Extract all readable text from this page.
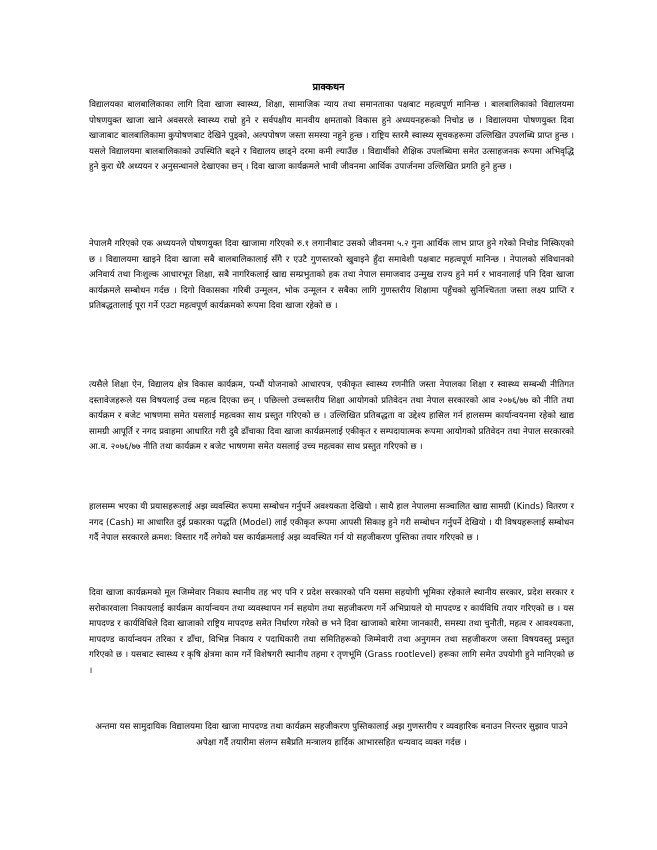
प्राक्कथन

विद्यालयका बालबालिकाका लागि दिवा खाजा स्वास्थ्य, शिक्षा, सामाजिक न्याय तथा समानताका पक्षबाट महत्वपूर्ण मानिन्छ । बालबालिकाको विद्यालयमा पोषणयुक्त खाजा खाने अवसरले स्वास्थ्य राम्रो हुने र सर्वपक्षीय मानवीय क्षमताको विकास हुने अध्ययनहरूको निचोड छ । विद्यालयमा पोषणयुक्त दिवा खाजाबाट बालबालिकामा कुपोषणबाट देखिने पुड्को, अल्पपोषण जस्ता समस्या नहुने हुन्छ । राष्ट्रिय स्तरमै स्वास्थ्य सूचकहरूमा उल्लिखित उपलब्धि प्राप्त हुन्छ । यसले विद्यालयमा बालबालिकाको उपस्थिति बढ्ने र विद्यालय छाड्ने दरमा कमी ल्याउँछ । विद्यार्थीको शैक्षिक उपलब्धिमा समेत उत्साहजनक रूपमा अभिवृद्धि हुने कुरा धेरै अध्ययन र अनुसन्धानले देखाएका छन् । दिवा खाजा कार्यक्रमले भावी जीवनमा आर्थिक उपार्जनमा उल्लिखित प्रगति हुने हुन्छ ।

नेपालमै गरिएको एक अध्ययनले पोषणयुक्त दिवा खाजामा गरिएको रु.१ लगानीबाट उसको जीवनमा ५.२ गुना आर्थिक लाभ प्राप्त हुने गरेको निचोड निस्किएको छ । विद्यालयमा खाइने दिवा खाजा सबै बालबालिकालाई सँगै र एउटै गुणस्तरको खुवाइने हुँदा समावेशी पक्षबाट महत्वपूर्ण मानिन्छ । नेपालको संविधानको अनिवार्य तथा निःशुल्क आधारभूत शिक्षा, सबै नागरिकलाई खाद्य सम्प्रभुताको हक तथा नेपाल समाजवाद उन्मुख राज्य हुने मर्म र भावनालाई पनि दिवा खाजा कार्यक्रमले सम्बोधन गर्दछ । दिगो विकासका गरिबी उन्मूलन, भोक उन्मूलन र सबैका लागि गुणस्तरीय शिक्षामा पहुँचको सुनिश्चितता जस्ता लक्ष्य प्राप्ति र प्रतिबद्धतालाई पूरा गर्ने एउटा महत्वपूर्ण कार्यक्रमको रूपमा दिवा खाजा रहेको छ ।

त्यसैले शिक्षा ऐन, विद्यालय क्षेत्र विकास कार्यक्रम, पन्धौं योजनाको आधारपत्र, एकीकृत स्वास्थ्य रणनीति जस्ता नेपालका शिक्षा र स्वास्थ्य सम्बन्धी नीतिगत दस्तावेजहरूले यस विषयलाई उच्च महत्व दिएका छन् । पछिल्लो उच्चस्तरीय शिक्षा आयोगको प्रतिवेदन तथा नेपाल सरकारको आव २०७६/७७ को नीति तथा कार्यक्रम र बजेट भाषणमा समेत यसलाई महत्वका साथ प्रस्तुत गरिएको छ । उल्लिखित प्रतिबद्धता वा उद्देश्य हासिल गर्न हालसम्म कार्यान्वयनमा रहेको खाद्य सामग्री आपूर्ति र नगद प्रवाहमा आधारित गरी दुवै ढाँचाका दिवा खाजा कार्यक्रमलाई एकीकृत र सम्पदायात्मक रूपमा आयोगको प्रतिवेदन तथा नेपाल सरकारको आ.व. २०७६/७७ नीति तथा कार्यक्रम र बजेट भाषणमा समेत यसलाई उच्च महत्वका साथ प्रस्तुत गरिएको छ ।

हालसम्म भएका यी प्रयासहरूलाई अझ व्यवस्थित रूपमा सम्बोधन गर्नुपर्ने अवश्यकता देखियो । साथै हाल नेपालमा सञ्चालित खाद्य सामग्री (Kinds) वितरण र नगद (Cash) मा आधारित दुई प्रकारका पद्धति (Model) लाई एकीकृत रूपमा आपसी सिकाइ हुने गरी सम्बोधन गर्नुपर्ने देखियो । यी विषयहरूलाई सम्बोधन गर्दै नेपाल सरकारले क्रमश: विस्तार गर्दै लगेको यस कार्यक्रमलाई अझ व्यवस्थित गर्न यो सहजीकरण पुस्तिका तयार गरिएको छ ।

दिवा खाजा कार्यक्रमको मूल जिम्मेवार निकाय स्थानीय तह भए पनि र प्रदेश सरकारको पनि यसमा सहयोगी भूमिका रहेकाले स्थानीय सरकार, प्रदेश सरकार र सरोकारवाला निकायलाई कार्यक्रम कार्यान्वयन तथा व्यवस्थापन गर्न सहयोग तथा सहजीकरण गर्ने अभिप्रायले यो मापदण्ड र कार्यविधि तयार गरिएको छ । यस मापदण्ड र कार्यविधिले दिवा खाजाको राष्ट्रिय मापदण्ड समेत निर्धारण गरेको छ भने दिवा खाजाको बारेमा जानकारी, समस्या तथा चुनौती, महत्व र आवश्यकता, मापदण्ड कार्यान्वयन तरिका र ढाँचा, विभिन्न निकाय र पदाधिकारी तथा समितिहरूको जिम्मेवारी तथा अनुगमन तथा सहजीकरण जस्ता विषयवस्तु प्रस्तुत गरिएको छ । यसबाट स्वास्थ्य र कृषि क्षेत्रमा काम गर्ने विशेषगरी स्थानीय तहमा र तृणभूमि (Grass rootlevel) हरूका लागि समेत उपयोगी हुने मानिएको छ ।

अन्तमा यस सामुदायिक विद्यालयमा दिवा खाजा मापदण्ड तथा कार्यक्रम सहजीकरण पुस्तिकालाई अझ गुणस्तरीय र व्यवहारिक बनाउन निरन्तर सुझाव पाउने अपेक्षा गर्दै तयारीमा संलग्न सबैप्रति मन्त्रालय हार्दिक आभारसहित धन्यवाद व्यक्त गर्दछ ।
